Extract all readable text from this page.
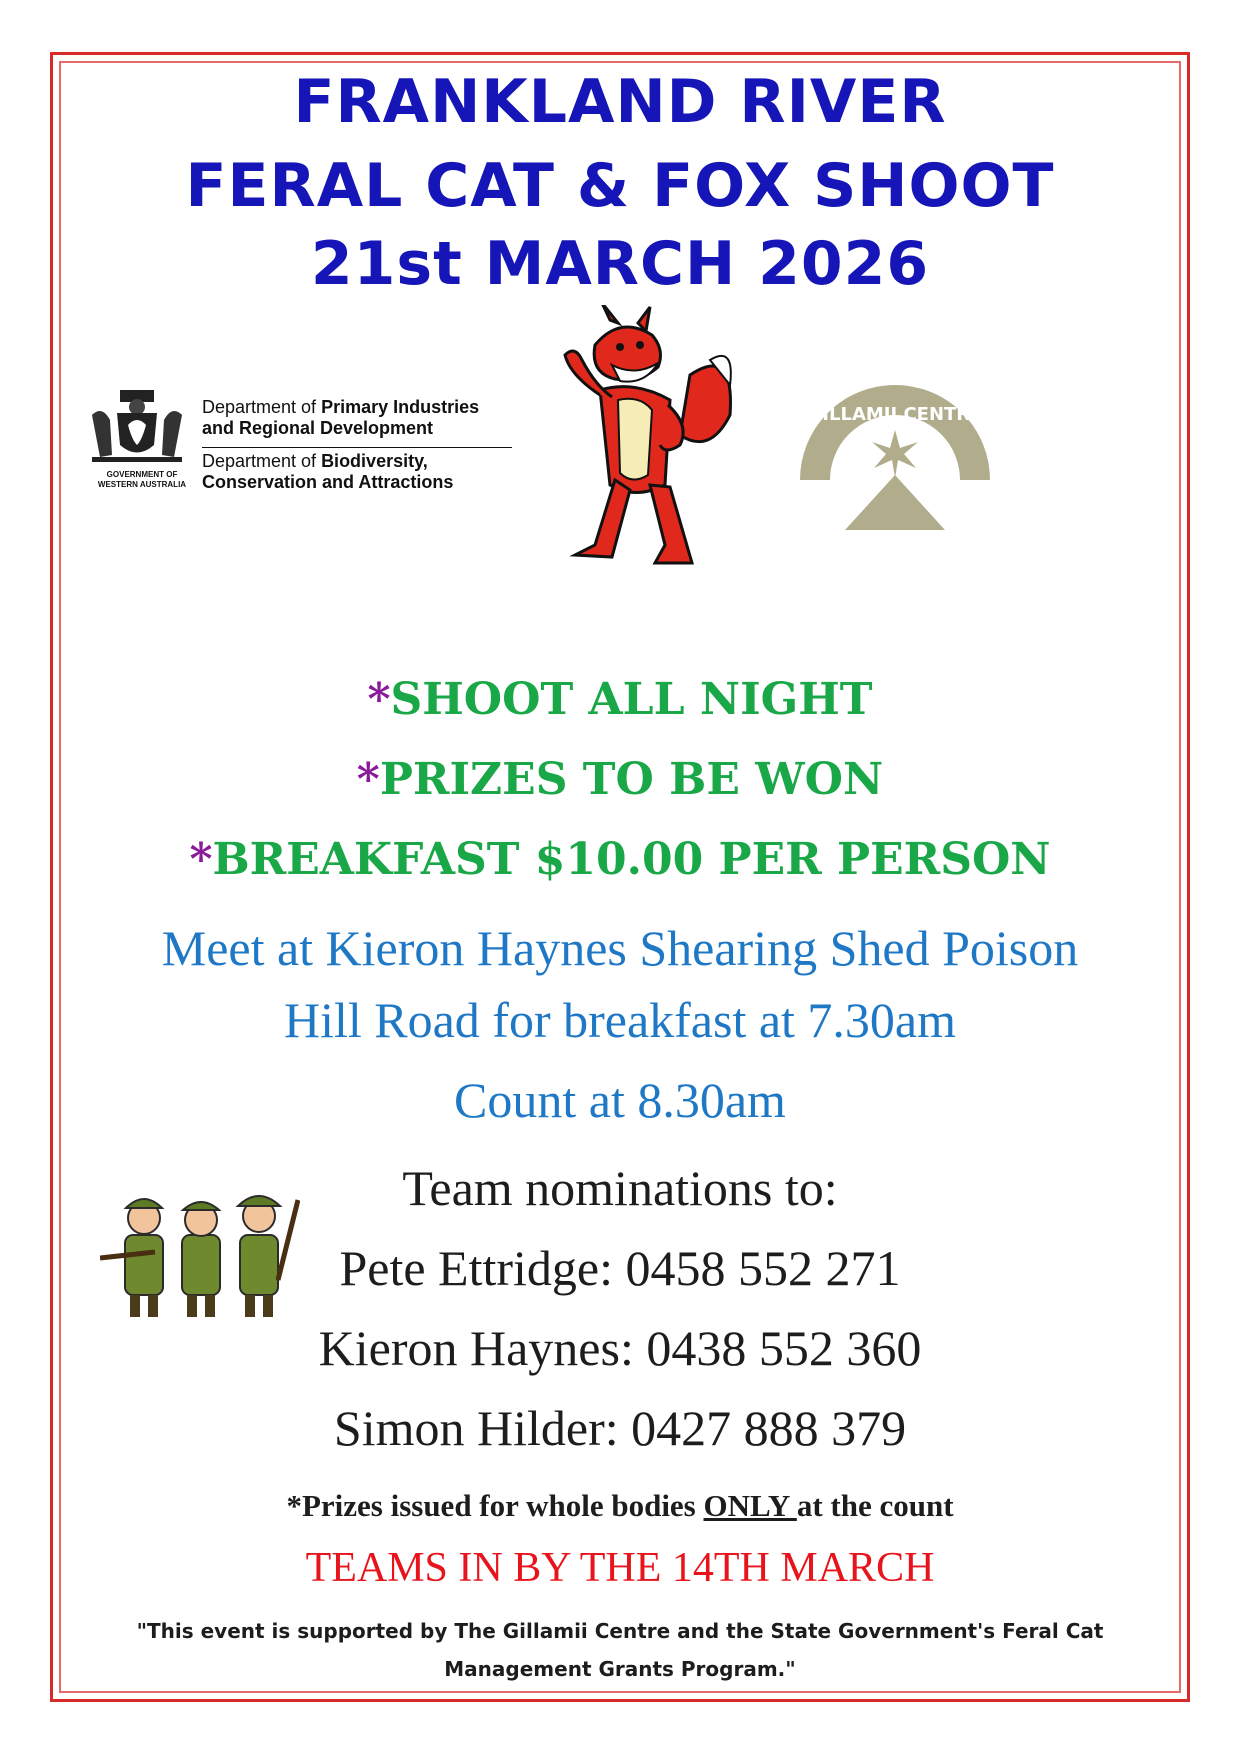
FRANKLAND RIVER
FERAL CAT & FOX SHOOT
21st MARCH 2026
GOVERNMENT OF
WESTERN AUSTRALIA
Department of Primary Industries
and Regional Development
Department of Biodiversity,
Conservation and Attractions
GILLAMII CENTRE
*SHOOT ALL NIGHT
*PRIZES TO BE WON
*BREAKFAST $10.00 PER PERSON
Meet at Kieron Haynes Shearing Shed Poison
Hill Road for breakfast at 7.30am
Count at 8.30am
Team nominations to:
Pete Ettridge: 0458 552 271
Kieron Haynes: 0438 552 360
Simon Hilder: 0427 888 379
*Prizes issued for whole bodies ONLY at the count
TEAMS IN BY THE 14TH MARCH
"This event is supported by The Gillamii Centre and the State Government's Feral Cat
Management Grants Program."
